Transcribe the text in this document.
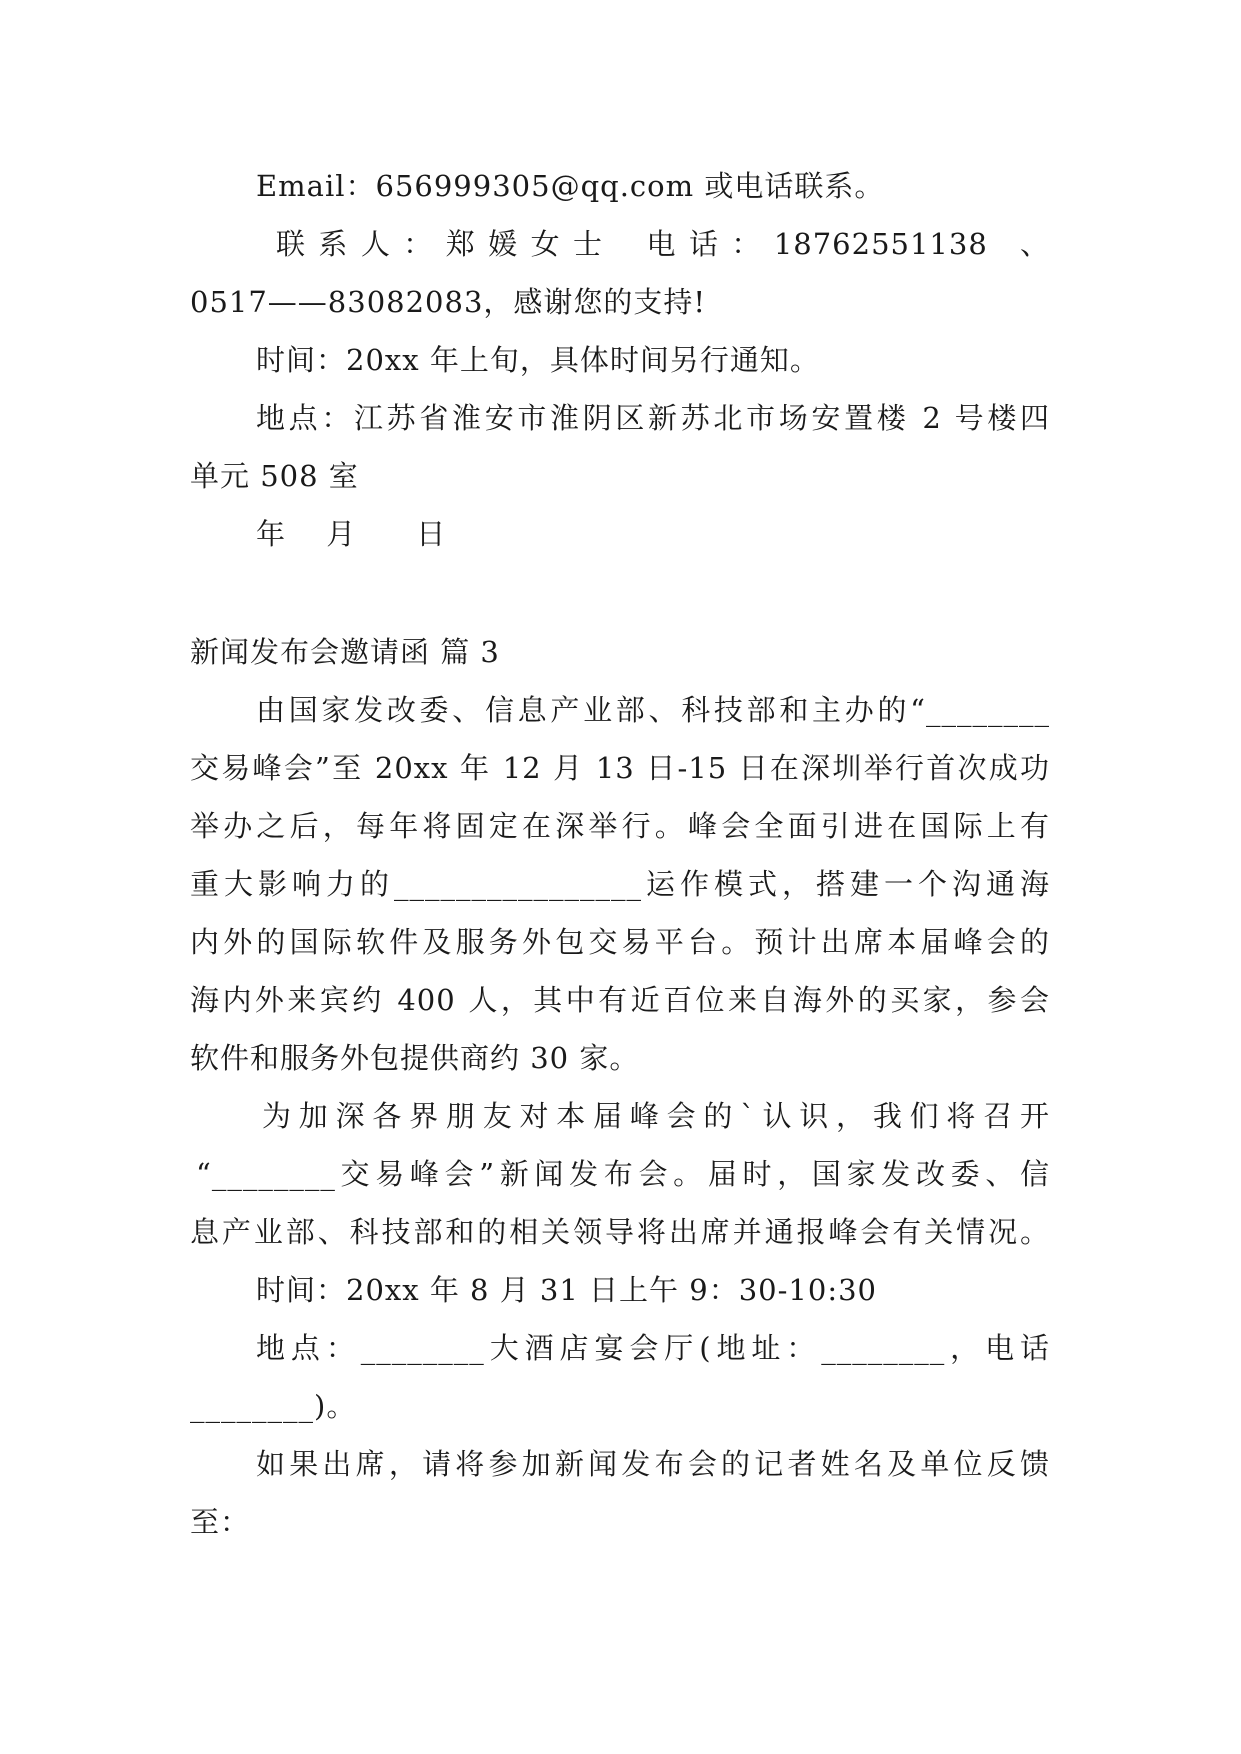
Email：656999305@qq.com 或电话联系。
联 系 人 ： 郑 媛 女 士　 电 话 ： 18762551138　、
0517——83082083，感谢您的支持!
时间：20xx 年上旬，具体时间另行通知。
地点：江苏省淮安市淮阴区新苏北市场安置楼 2 号楼四
单元 508 室
年　 月　　日
新闻发布会邀请函 篇 3
由国家发改委、信息产业部、科技部和主办的“________
交易峰会”至 20xx 年 12 月 13 日-15 日在深圳举行首次成功
举办之后，每年将固定在深举行。峰会全面引进在国际上有
重大影响力的________________运作模式，搭建一个沟通海
内外的国际软件及服务外包交易平台。预计出席本届峰会的
海内外来宾约 400 人，其中有近百位来自海外的买家，参会
软件和服务外包提供商约 30 家。
为加深各界朋友对本届峰会的`认识，我们将召开
“________交易峰会”新闻发布会。届时，国家发改委、信
息产业部、科技部和的相关领导将出席并通报峰会有关情况。
时间：20xx 年 8 月 31 日上午 9：30-10:30
地点：________大酒店宴会厅(地址：________，电话
________)。
如果出席，请将参加新闻发布会的记者姓名及单位反馈
至：
